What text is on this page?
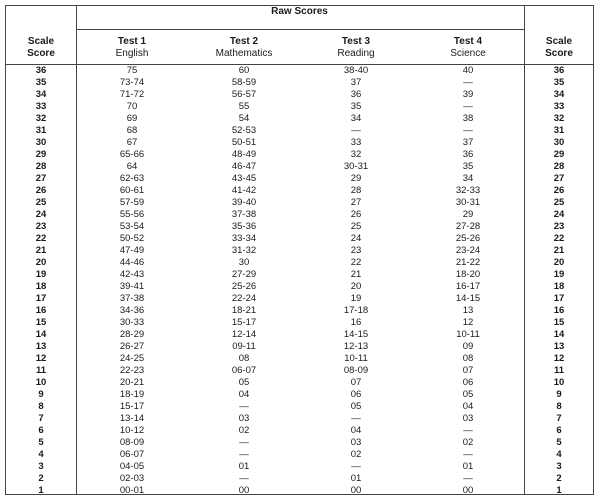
Raw Scores
Scale
Score
Test 1
English
Test 2
Mathematics
Test 3
Reading
Test 4
Science
Scale
Score
36
35
34
33
32
31
30
29
28
27
26
25
24
23
22
21
20
19
18
17
16
15
14
13
12
11
10
9
8
7
6
5
4
3
2
1
75
73-74
71-72
70
69
68
67
65-66
64
62-63
60-61
57-59
55-56
53-54
50-52
47-49
44-46
42-43
39-41
37-38
34-36
30-33
28-29
26-27
24-25
22-23
20-21
18-19
15-17
13-14
10-12
08-09
06-07
04-05
02-03
00-01
60
58-59
56-57
55
54
52-53
50-51
48-49
46-47
43-45
41-42
39-40
37-38
35-36
33-34
31-32
30
27-29
25-26
22-24
18-21
15-17
12-14
09-11
08
06-07
05
04
—
03
02
—
—
01
—
00
38-40
37
36
35
34
—
33
32
30-31
29
28
27
26
25
24
23
22
21
20
19
17-18
16
14-15
12-13
10-11
08-09
07
06
05
—
04
03
02
—
01
00
40
—
39
—
38
—
37
36
35
34
32-33
30-31
29
27-28
25-26
23-24
21-22
18-20
16-17
14-15
13
12
10-11
09
08
07
06
05
04
03
—
02
—
01
—
00
36
35
34
33
32
31
30
29
28
27
26
25
24
23
22
21
20
19
18
17
16
15
14
13
12
11
10
9
8
7
6
5
4
3
2
1
